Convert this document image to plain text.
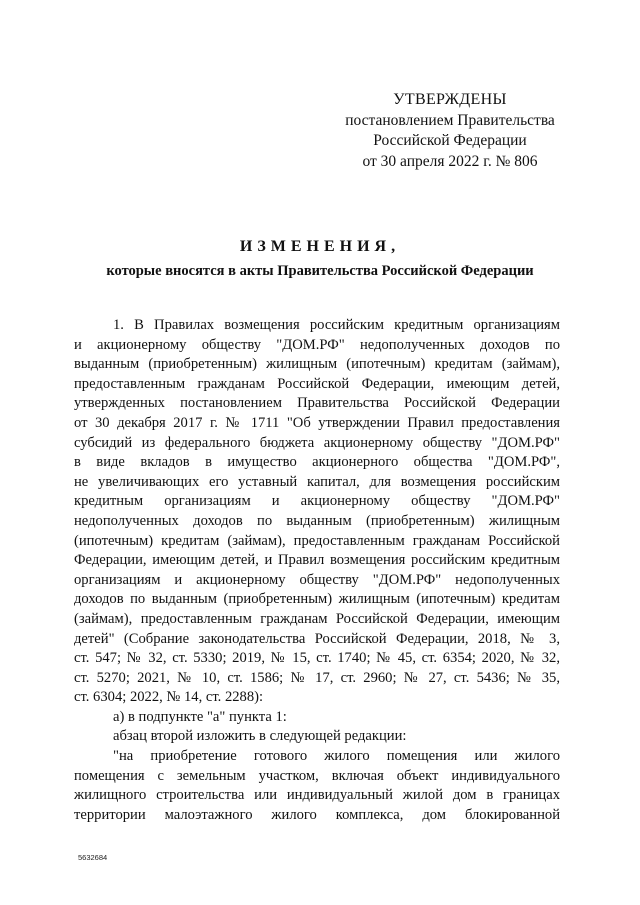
УТВЕРЖДЕНЫ
постановлением Правительства
Российской Федерации
от 30 апреля 2022 г. № 806
ИЗМЕНЕНИЯ,
которые вносятся в акты Правительства Российской Федерации
1. В Правилах возмещения российским кредитным организациям
и акционерному обществу "ДОМ.РФ" недополученных доходов по
выданным (приобретенным) жилищным (ипотечным) кредитам (займам),
предоставленным гражданам Российской Федерации, имеющим детей,
утвержденных постановлением Правительства Российской Федерации
от 30 декабря 2017 г. № 1711 "Об утверждении Правил предоставления
субсидий из федерального бюджета акционерному обществу "ДОМ.РФ"
в виде вкладов в имущество акционерного общества "ДОМ.РФ",
не увеличивающих его уставный капитал, для возмещения российским
кредитным организациям и акционерному обществу "ДОМ.РФ"
недополученных доходов по выданным (приобретенным) жилищным
(ипотечным) кредитам (займам), предоставленным гражданам Российской
Федерации, имеющим детей, и Правил возмещения российским кредитным
организациям и акционерному обществу "ДОМ.РФ" недополученных
доходов по выданным (приобретенным) жилищным (ипотечным) кредитам
(займам), предоставленным гражданам Российской Федерации, имеющим
детей" (Собрание законодательства Российской Федерации, 2018, № 3,
ст. 547; № 32, ст. 5330; 2019, № 15, ст. 1740; № 45, ст. 6354; 2020, № 32,
ст. 5270; 2021, № 10, ст. 1586; № 17, ст. 2960; № 27, ст. 5436; № 35,
ст. 6304; 2022, № 14, ст. 2288):
а) в подпункте "а" пункта 1:
абзац второй изложить в следующей редакции:
"на приобретение готового жилого помещения или жилого
помещения с земельным участком, включая объект индивидуального
жилищного строительства или индивидуальный жилой дом в границах
территории малоэтажного жилого комплекса, дом блокированной
5632684
